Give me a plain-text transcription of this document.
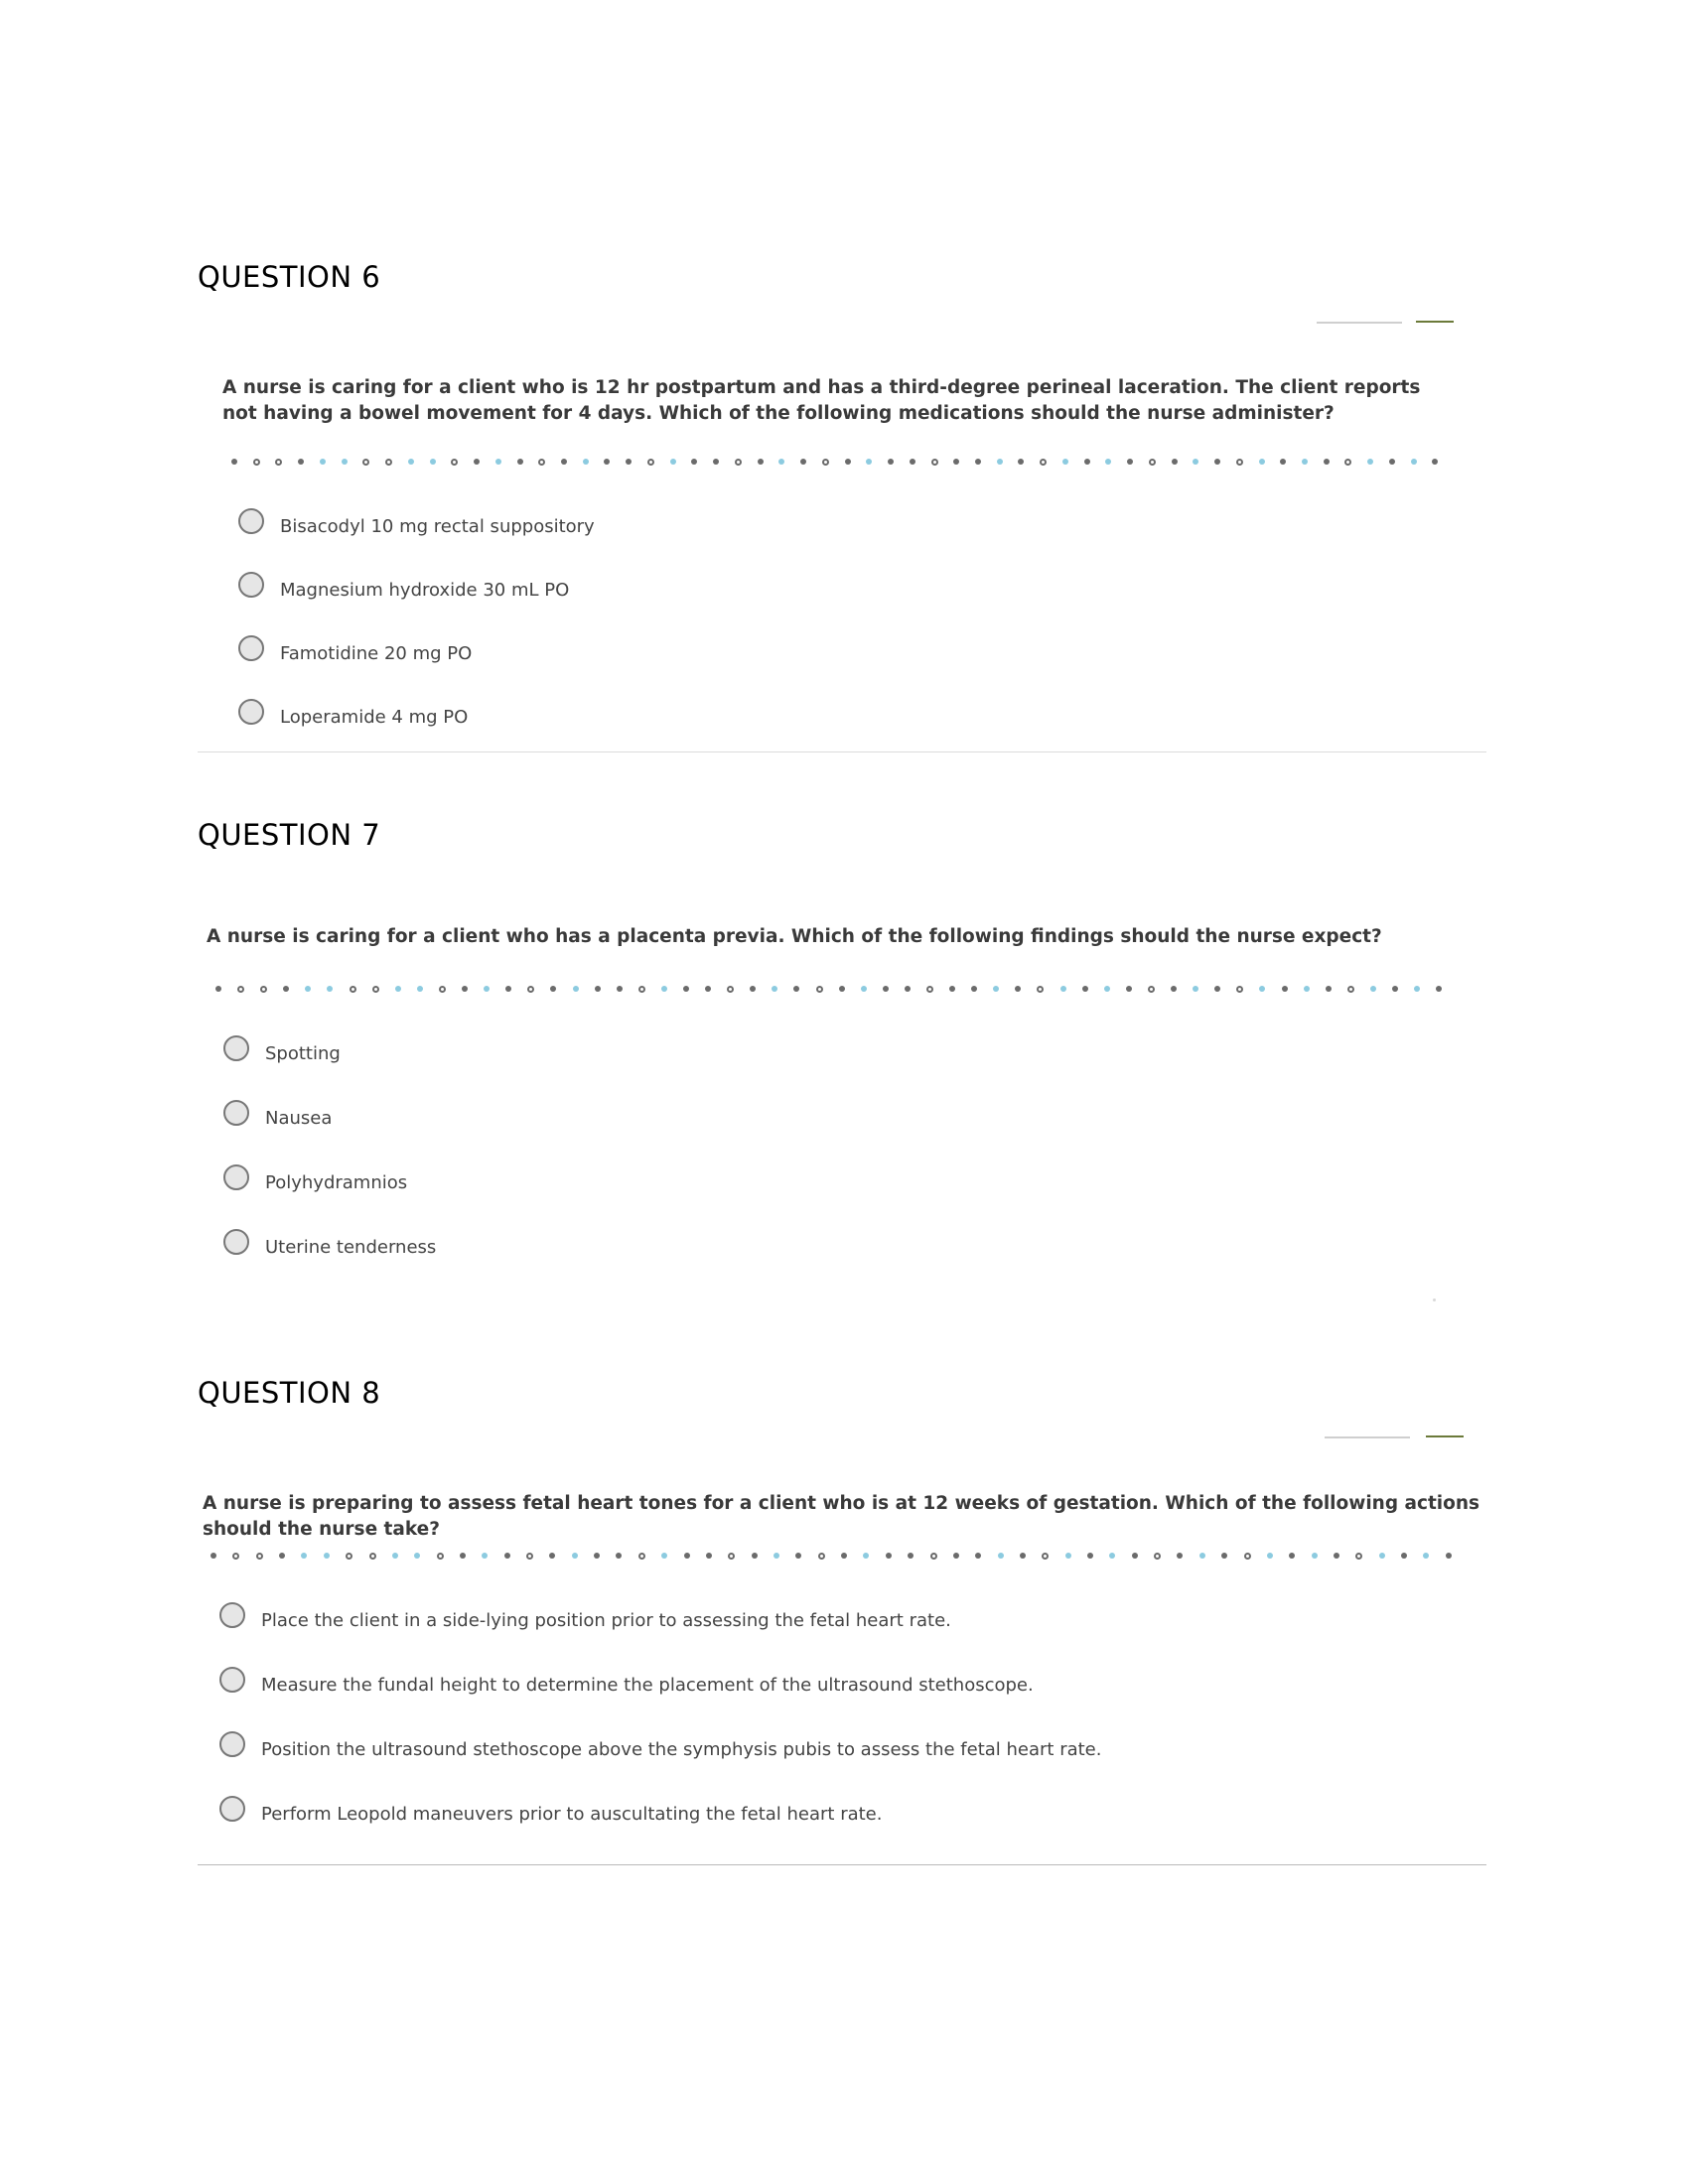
QUESTION 6

A nurse is caring for a client who is 12 hr postpartum and has a third-degree perineal laceration. The client reports not having a bowel movement for 4 days. Which of the following medications should the nurse administer?

Bisacodyl 10 mg rectal suppository
Magnesium hydroxide 30 mL PO
Famotidine 20 mg PO
Loperamide 4 mg PO
QUESTION 7

A nurse is caring for a client who has a placenta previa. Which of the following findings should the nurse expect?

Spotting
Nausea
Polyhydramnios
Uterine tenderness
QUESTION 8

A nurse is preparing to assess fetal heart tones for a client who is at 12 weeks of gestation. Which of the following actions should the nurse take?

Place the client in a side-lying position prior to assessing the fetal heart rate.
Measure the fundal height to determine the placement of the ultrasound stethoscope.
Position the ultrasound stethoscope above the symphysis pubis to assess the fetal heart rate.
Perform Leopold maneuvers prior to auscultating the fetal heart rate.
